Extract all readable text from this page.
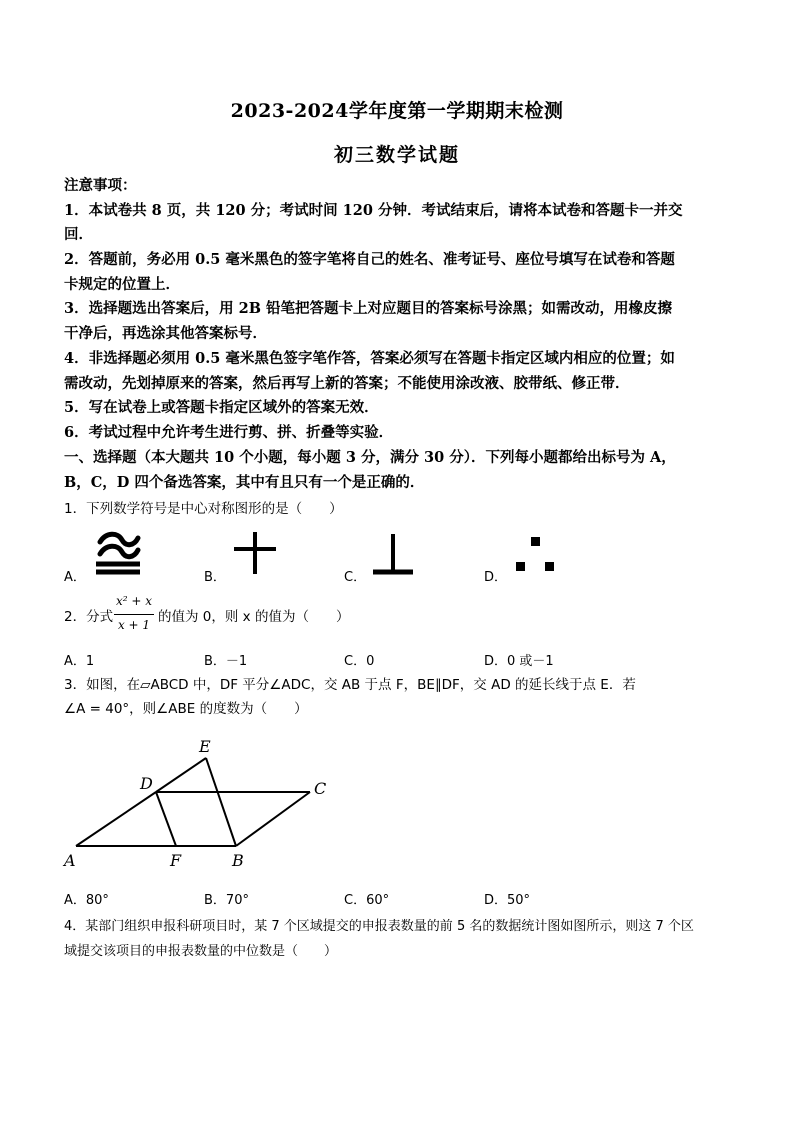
2023-2024学年度第一学期期末检测
初三数学试题
注意事项：
1．本试卷共 8 页，共 120 分；考试时间 120 分钟．考试结束后，请将本试卷和答题卡一并交
回．
2．答题前，务必用 0.5 毫米黑色的签字笔将自己的姓名、准考证号、座位号填写在试卷和答题
卡规定的位置上．
3．选择题选出答案后，用 2B 铅笔把答题卡上对应题目的答案标号涂黑；如需改动，用橡皮擦
干净后，再选涂其他答案标号．
4．非选择题必须用 0.5 毫米黑色签字笔作答，答案必须写在答题卡指定区域内相应的位置；如
需改动，先划掉原来的答案，然后再写上新的答案；不能使用涂改液、胶带纸、修正带．
5．写在试卷上或答题卡指定区域外的答案无效．
6．考试过程中允许考生进行剪、拼、折叠等实验．
一、选择题（本大题共 10 个小题，每小题 3 分，满分 30 分）．下列每小题都给出标号为 A，
B，C，D 四个备选答案，其中有且只有一个是正确的．
1．下列数学符号是中心对称图形的是（　　）
A．	B．	C．	D．
2．分式
x² + x
x + 1 的值为 0，则 x 的值为（　　）
A．1	B．－1	C．0	D．0 或－1
3．如图，在▱ABCD 中，DF 平分∠ADC，交 AB 于点 F，BE∥DF，交 AD 的延长线于点 E．若
∠A = 40°，则∠ABE 的度数为（　　）
E
D	C
A	F	B
A．80°	B．70°	C．60°	D．50°
4．某部门组织申报科研项目时，某 7 个区域提交的申报表数量的前 5 名的数据统计图如图所示，则这 7 个区
域提交该项目的申报表数量的中位数是（　　）
